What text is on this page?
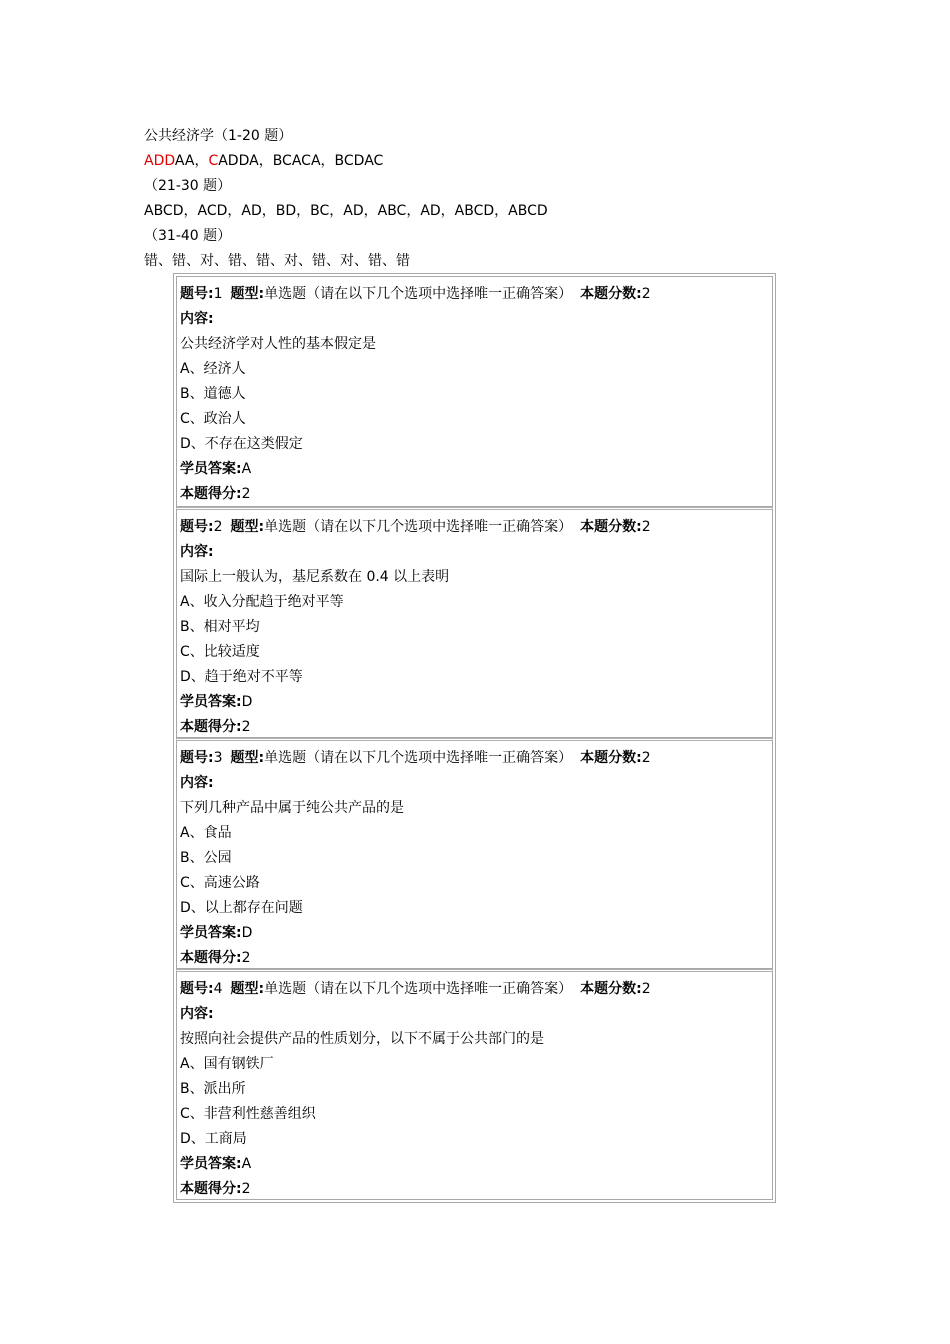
公共经济学（1-20 题）
ADDAA，CADDA，BCACA，BCDAC
（21-30 题）
ABCD，ACD，AD，BD，BC，AD，ABC，AD，ABCD，ABCD
（31-40 题）
错、错、对、错、错、对、错、对、错、错
题号:1 题型:单选题（请在以下几个选项中选择唯一正确答案） 本题分数:2
内容:
公共经济学对人性的基本假定是
A、经济人
B、道德人
C、政治人
D、不存在这类假定
学员答案:A
本题得分:2
题号:2 题型:单选题（请在以下几个选项中选择唯一正确答案） 本题分数:2
内容:
国际上一般认为，基尼系数在 0.4 以上表明
A、收入分配趋于绝对平等
B、相对平均
C、比较适度
D、趋于绝对不平等
学员答案:D
本题得分:2
题号:3 题型:单选题（请在以下几个选项中选择唯一正确答案） 本题分数:2
内容:
下列几种产品中属于纯公共产品的是
A、食品
B、公园
C、高速公路
D、以上都存在问题
学员答案:D
本题得分:2
题号:4 题型:单选题（请在以下几个选项中选择唯一正确答案） 本题分数:2
内容:
按照向社会提供产品的性质划分，以下不属于公共部门的是
A、国有钢铁厂
B、派出所
C、非营利性慈善组织
D、工商局
学员答案:A
本题得分:2
